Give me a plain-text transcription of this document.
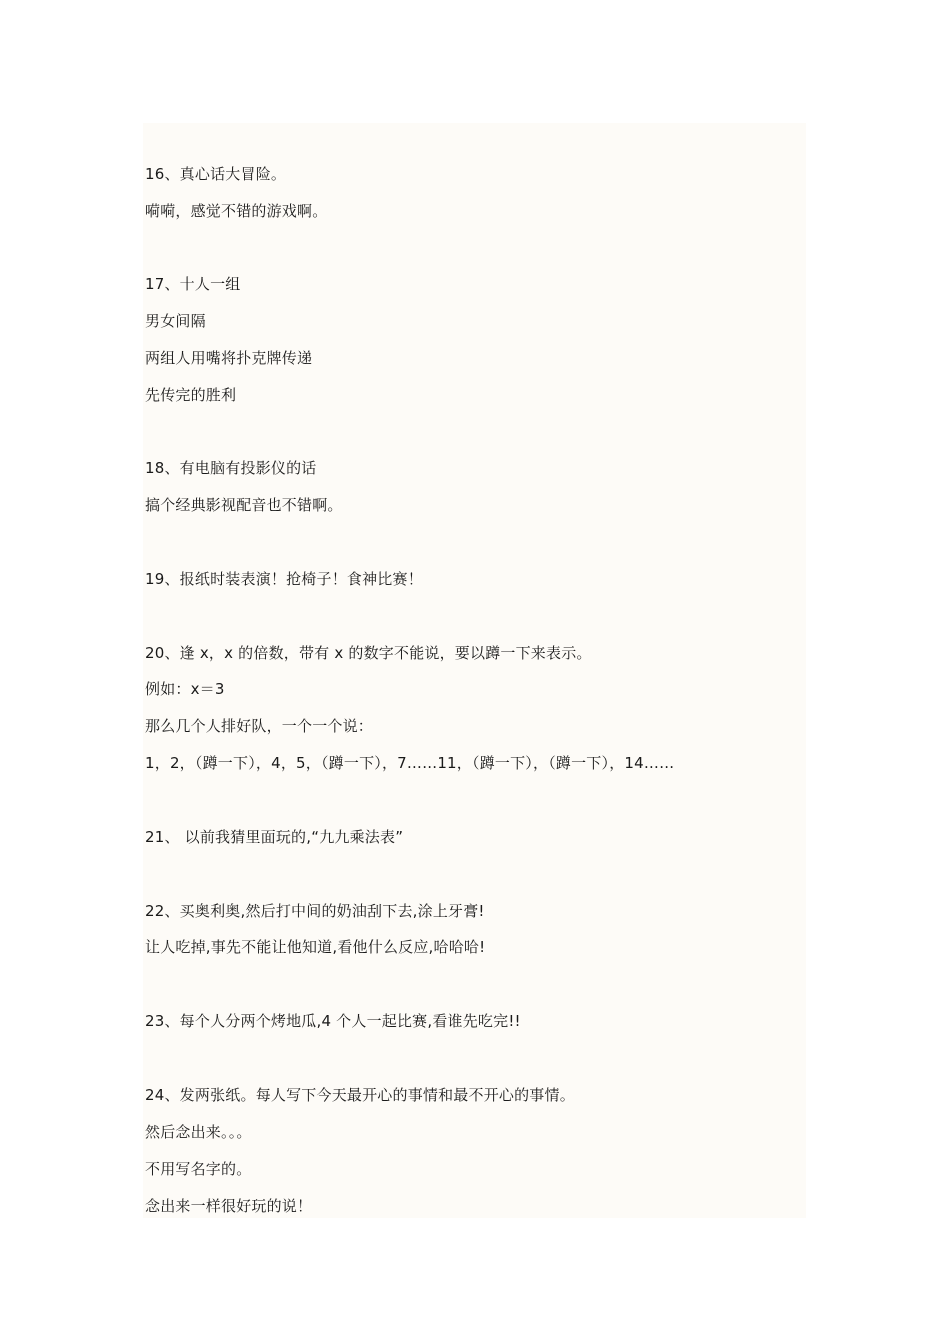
16、真心话大冒险。
嗬嗬，感觉不错的游戏啊。
17、十人一组
男女间隔
两组人用嘴将扑克牌传递
先传完的胜利
18、有电脑有投影仪的话
搞个经典影视配音也不错啊。
19、报纸时装表演！抢椅子！食神比赛！
20、逢 x，x 的倍数，带有 x 的数字不能说，要以蹲一下来表示。
例如：x＝3
那么几个人排好队，一个一个说：
1，2，（蹲一下），4，5，（蹲一下），7……11，（蹲一下），（蹲一下），14……
21、 以前我猜里面玩的,“九九乘法表”
22、买奥利奥,然后打中间的奶油刮下去,涂上牙膏!
让人吃掉,事先不能让他知道,看他什么反应,哈哈哈!
23、每个人分两个烤地瓜,4 个人一起比赛,看谁先吃完!!
24、发两张纸。每人写下今天最开心的事情和最不开心的事情。
然后念出来。。。
不用写名字的。
念出来一样很好玩的说！
